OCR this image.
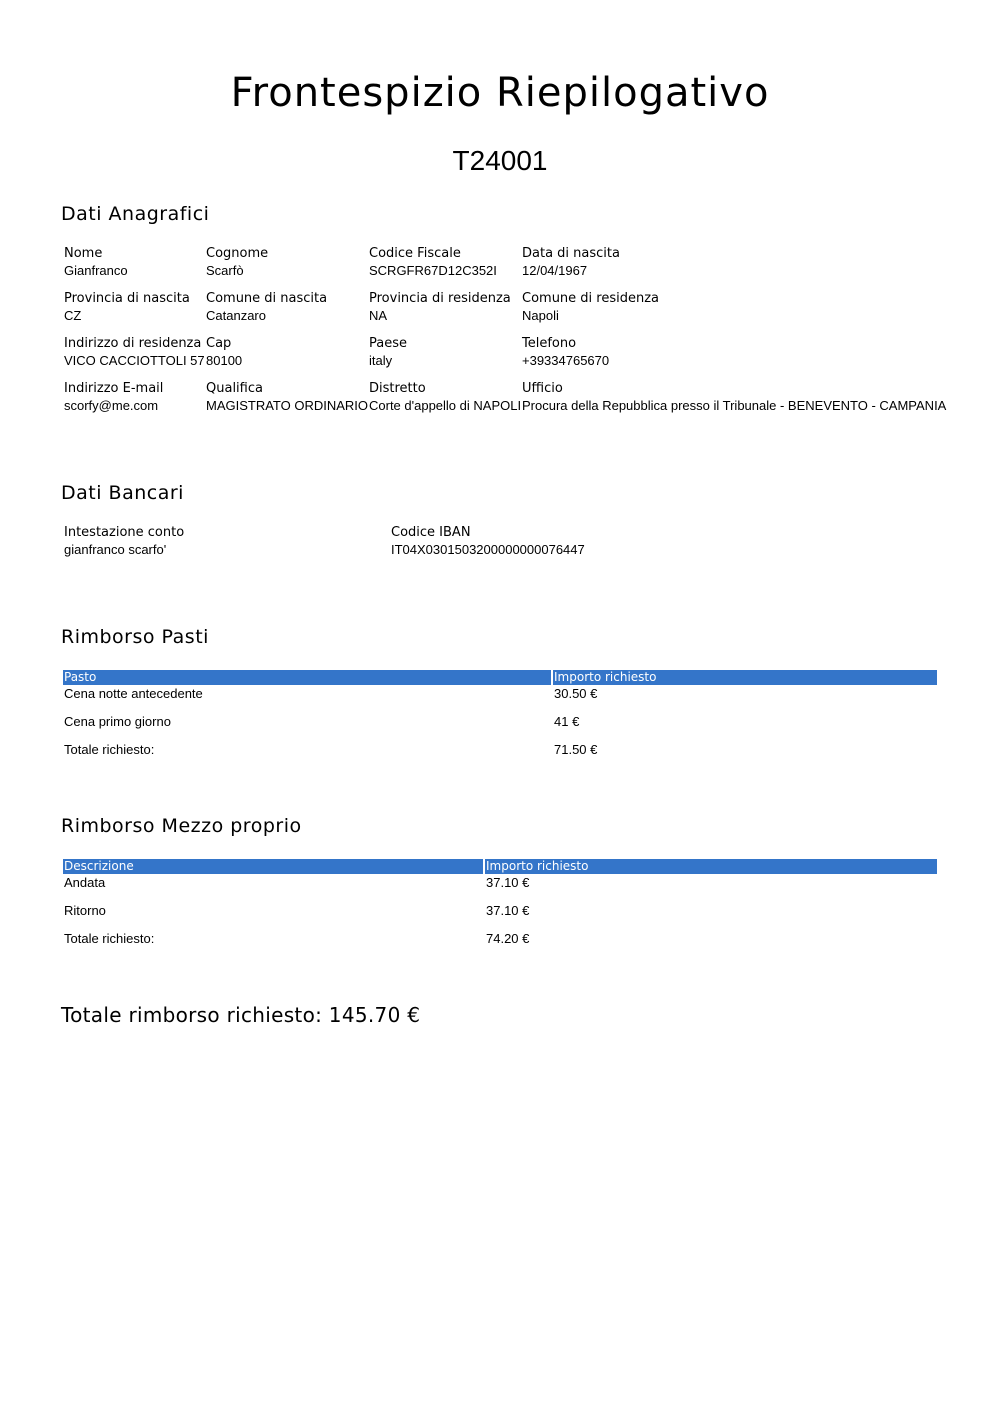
Frontespizio Riepilogativo
T24001
Dati Anagrafici
Nome
Gianfranco
Cognome
Scarfò
Codice Fiscale
SCRGFR67D12C352I
Data di nascita
12/04/1967
Provincia di nascita
CZ
Comune di nascita
Catanzaro
Provincia di residenza
NA
Comune di residenza
Napoli
Indirizzo di residenza
VICO CACCIOTTOLI 57
Cap
80100
Paese
italy
Telefono
+39334765670
Indirizzo E-mail
scorfy@me.com
Qualifica
MAGISTRATO ORDINARIO
Distretto
Corte d'appello di NAPOLI
Ufficio
Procura della Repubblica presso il Tribunale - BENEVENTO - CAMPANIA
Dati Bancari
Intestazione conto
gianfranco scarfo'
Codice IBAN
IT04X0301503200000000076447
Rimborso Pasti
Pasto	Importo richiesto
Cena notte antecedente	30.50 €
Cena primo giorno	41 €
Totale richiesto:	71.50 €
Rimborso Mezzo proprio
Descrizione	Importo richiesto
Andata	37.10 €
Ritorno	37.10 €
Totale richiesto:	74.20 €
Totale rimborso richiesto: 145.70 €
